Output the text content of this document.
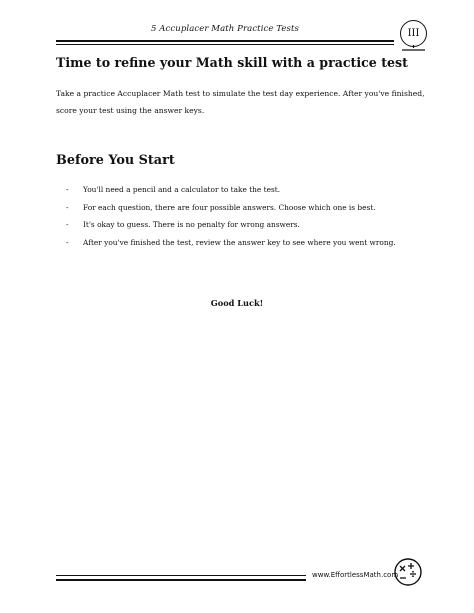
5 Accuplacer Math Practice Tests	III
Time to refine your Math skill with a practice test
Take a practice Accuplacer Math test to simulate the test day experience. After you've finished, score your test using the answer keys.
Before You Start
- You'll need a pencil and a calculator to take the test.
- For each question, there are four possible answers. Choose which one is best.
- It's okay to guess. There is no penalty for wrong answers.
- After you've finished the test, review the answer key to see where you went wrong.
Good Luck!
www.EffortlessMath.com
